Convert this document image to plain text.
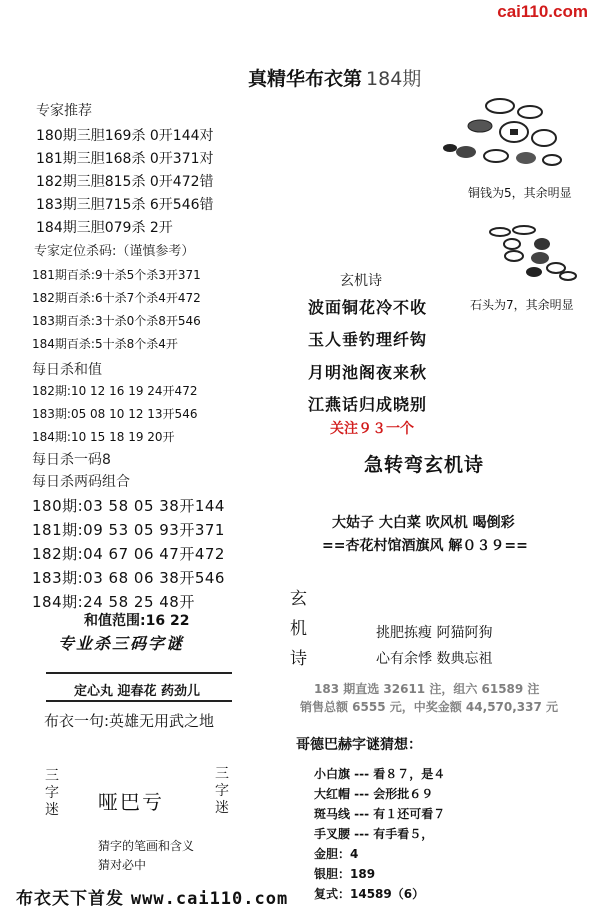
cai110.com
真精华布衣第 184期
专家推荐
180期三胆169杀 0开144对
181期三胆168杀 0开371对
182期三胆815杀 0开472错
183期三胆715杀 6开546错
184期三胆079杀 2开
专家定位杀码:（谨慎参考）
181期百杀:9十杀5个杀3开371
182期百杀:6十杀7个杀4开472
183期百杀:3十杀0个杀8开546
184期百杀:5十杀8个杀4开
每日杀和值
182期:10 12 16 19 24开472
183期:05 08 10 12 13开546
184期:10 15 18 19 20开
每日杀一码8
每日杀两码组合
180期:03 58 05 38开144
181期:09 53 05 93开371
182期:04 67 06 47开472
183期:03 68 06 38开546
184期:24 58 25 48开
和值范围:16 22
专业杀三码字谜
定心丸 迎春花 药劲儿
布衣一句:英雄无用武之地
三字迷 哑巴亏
三字迷
猜字的笔画和含义
猜对必中
铜钱为5，其余明显
石头为7，其余明显
玄机诗
波面铜花冷不收
玉人垂钓理纤钩
月明池阁夜来秋
江燕话归成晓别
关注９３一个
急转弯玄机诗
大姑子 大白菜 吹风机 喝倒彩
==杏花村馆酒旗风 解０３９==
玄机诗
挑肥拣瘦 阿猫阿狗
心有余悸 数典忘祖
183 期直选 32611 注，组六 61589 注
销售总额 6555 元，中奖金额 44,570,337 元
哥德巴赫字谜猜想：
小白旗 --- 看８７，是４
大红帽 --- 会形批６９
斑马线 --- 有１还可看７
手叉腰 --- 有手看５，
金胆：4
银胆：189
复式：14589（6）
布衣天下首发 www.cai110.com
